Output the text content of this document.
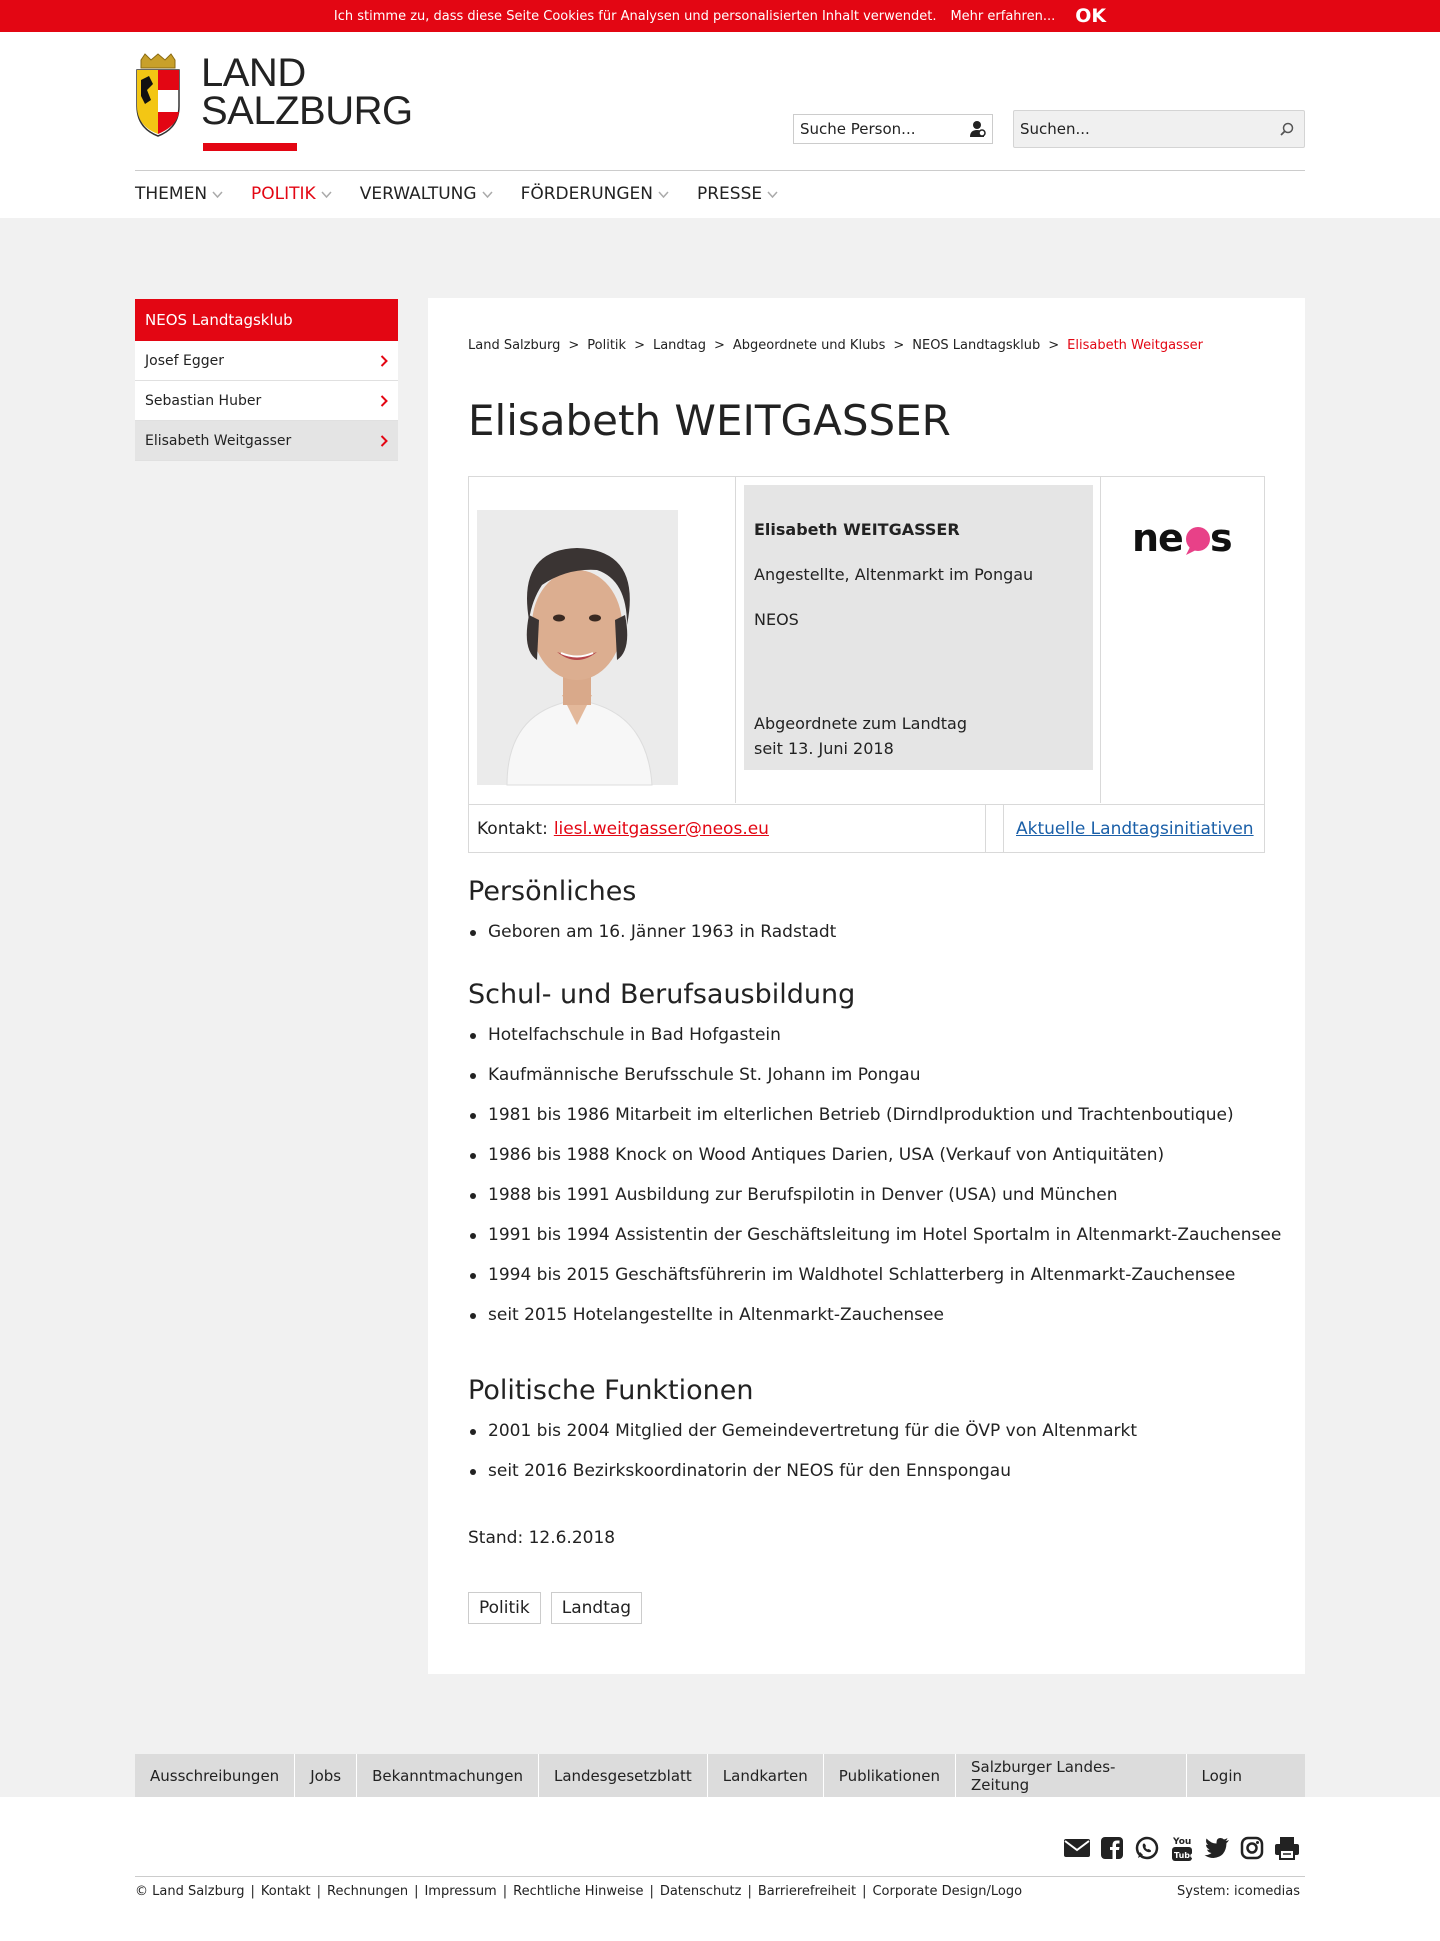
Ich stimme zu, dass diese Seite Cookies für Analysen und personalisierten Inhalt verwendet. Mehr erfahren... OK
LAND
SALZBURG
Suche Person...
Suchen...
THEMEN	POLITIK	VERWALTUNG	FÖRDERUNGEN	PRESSE
NEOS Landtagsklub
Josef Egger
Sebastian Huber
Elisabeth Weitgasser
Land Salzburg > Politik > Landtag > Abgeordnete und Klubs > NEOS Landtagsklub > Elisabeth Weitgasser
Elisabeth WEITGASSER
Elisabeth WEITGASSER
Angestellte, Altenmarkt im Pongau
NEOS
Abgeordnete zum Landtag
seit 13. Juni 2018
ne s
Kontakt: liesl.weitgasser@neos.eu	Aktuelle Landtagsinitiativen
Persönliches
Geboren am 16. Jänner 1963 in Radstadt
Schul- und Berufsausbildung
Hotelfachschule in Bad Hofgastein
Kaufmännische Berufsschule St. Johann im Pongau
1981 bis 1986 Mitarbeit im elterlichen Betrieb (Dirndlproduktion und Trachtenboutique)
1986 bis 1988 Knock on Wood Antiques Darien, USA (Verkauf von Antiquitäten)
1988 bis 1991 Ausbildung zur Berufspilotin in Denver (USA) und München
1991 bis 1994 Assistentin der Geschäftsleitung im Hotel Sportalm in Altenmarkt-Zauchensee
1994 bis 2015 Geschäftsführerin im Waldhotel Schlatterberg in Altenmarkt-Zauchensee
seit 2015 Hotelangestellte in Altenmarkt-Zauchensee
Politische Funktionen
2001 bis 2004 Mitglied der Gemeindevertretung für die ÖVP von Altenmarkt
seit 2016 Bezirkskoordinatorin der NEOS für den Ennspongau
Stand: 12.6.2018
Politik	Landtag
Ausschreibungen	Jobs	Bekanntmachungen	Landesgesetzblatt	Landkarten	Publikationen	Salzburger Landes-Zeitung	Login
You
Tube
© Land Salzburg | Kontakt | Rechnungen | Impressum | Rechtliche Hinweise | Datenschutz | Barrierefreiheit | Corporate Design/Logo	System: icomedias
